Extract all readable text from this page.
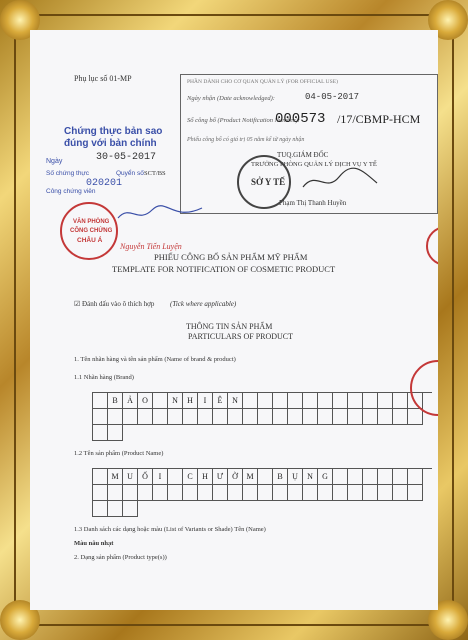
Phụ lục số 01-MP	PHẦN DÀNH CHO CƠ QUAN QUẢN LÝ (FOR OFFICIAL USE)
Ngày nhận (Date acknowledged):	04-05-2017
Số công bố (Product Notification Number):
000573 /17/CBMP-HCM
Phiếu công bố có giá trị 05 năm kể từ ngày nhận
TUQ.GIÁM ĐỐC
TRƯỞNG PHÒNG QUẢN LÝ DỊCH VỤ Y TẾ
Phạm Thị Thanh Huyền
SỞ Y TẾ
Chứng thực bản sao
đúng với bản chính
Ngày	30-05-2017
Số chứng thực	Quyển số SCT/BS
020201
Công chứng viên
VĂN PHÒNG
CÔNG CHỨNG
CHÂU Á
Nguyễn Tiến Luyện
PHIẾU CÔNG BỐ SẢN PHẨM MỸ PHẨM
TEMPLATE FOR NOTIFICATION OF COSMETIC PRODUCT
☑ Đánh dấu vào ô thích hợp (Tick where applicable)
THÔNG TIN SẢN PHẨM
PARTICULARS OF PRODUCT
1. Tên nhãn hàng và tên sản phẩm (Name of brand & product)
1.1 Nhãn hàng (Brand)
B	Ả	O	N	H	I	Ê	N
1.2 Tên sản phẩm (Product Name)
M	U	Ố	I	C	H	Ư	Ờ	M	B	Ụ	N	G
1.3 Danh sách các dạng hoặc màu (List of Variants or Shade) Tên (Name)
Màu nâu nhạt
2. Dạng sản phẩm (Product type(s))
